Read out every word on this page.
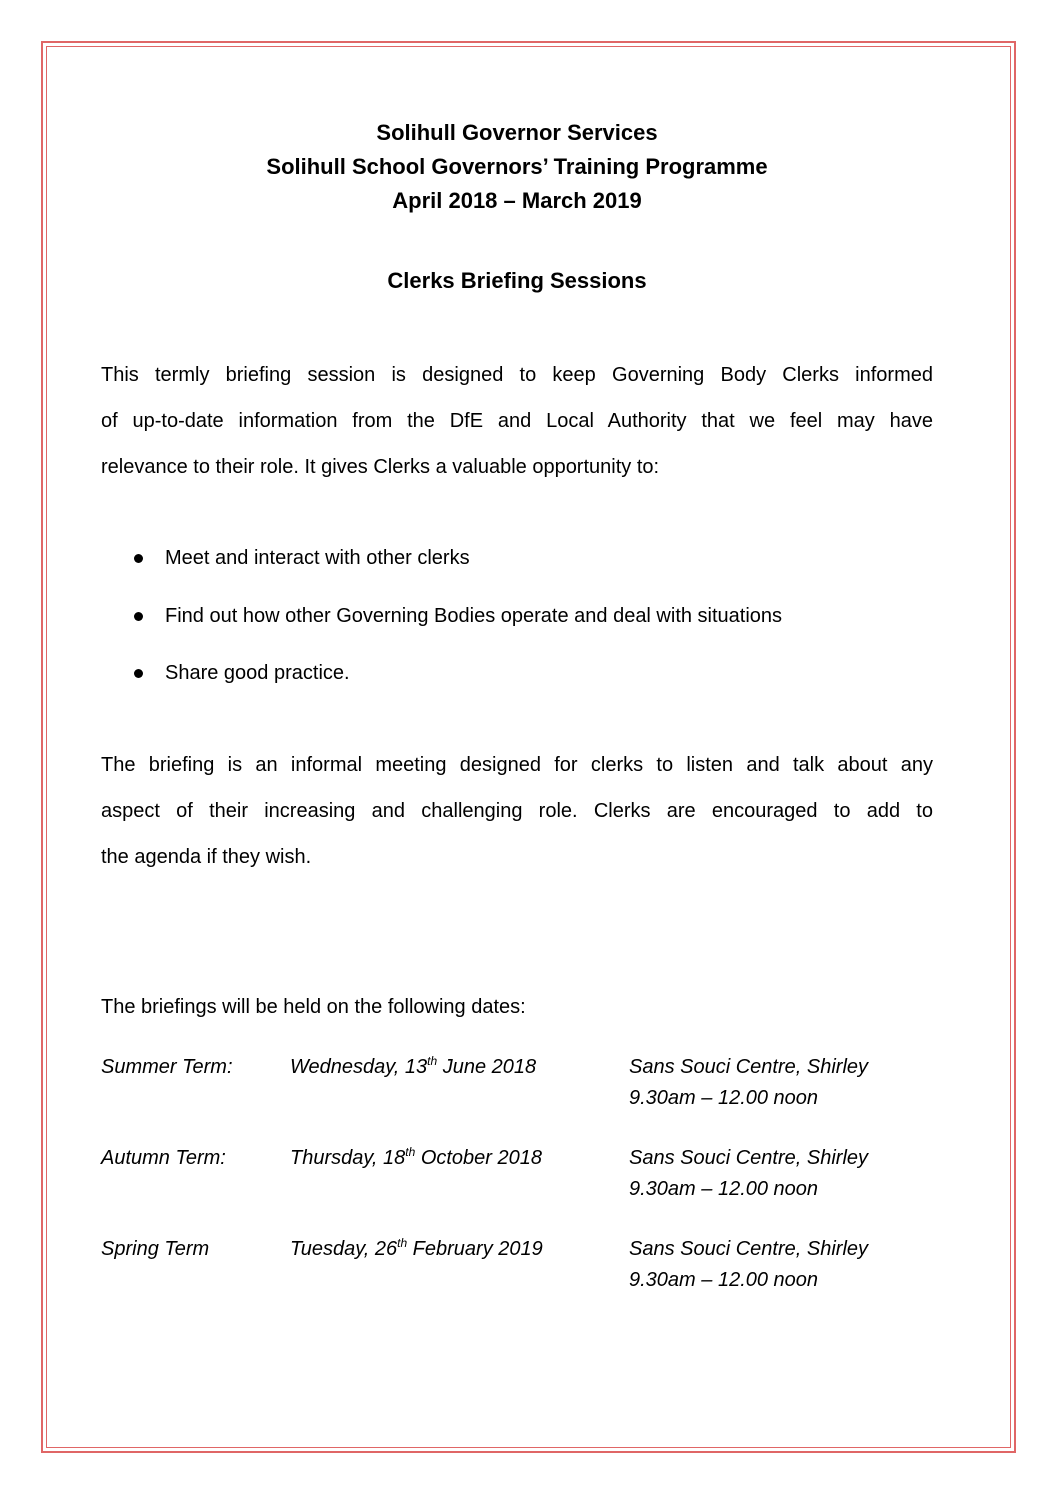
Solihull Governor Services
Solihull School Governors’ Training Programme
April 2018 – March 2019
Clerks Briefing Sessions
This termly briefing session is designed to keep Governing Body Clerks informed
of up-to-date information from the DfE and Local Authority that we feel may have
relevance to their role. It gives Clerks a valuable opportunity to:
Meet and interact with other clerks
Find out how other Governing Bodies operate and deal with situations
Share good practice.
The briefing is an informal meeting designed for clerks to listen and talk about any
aspect of their increasing and challenging role. Clerks are encouraged to add to
the agenda if they wish.
The briefings will be held on the following dates:
Summer Term:	Wednesday, 13th June 2018	Sans Souci Centre, Shirley
9.30am – 12.00 noon
Autumn Term:	Thursday, 18th October 2018	Sans Souci Centre, Shirley
9.30am – 12.00 noon
Spring Term	Tuesday, 26th February 2019	Sans Souci Centre, Shirley
9.30am – 12.00 noon
